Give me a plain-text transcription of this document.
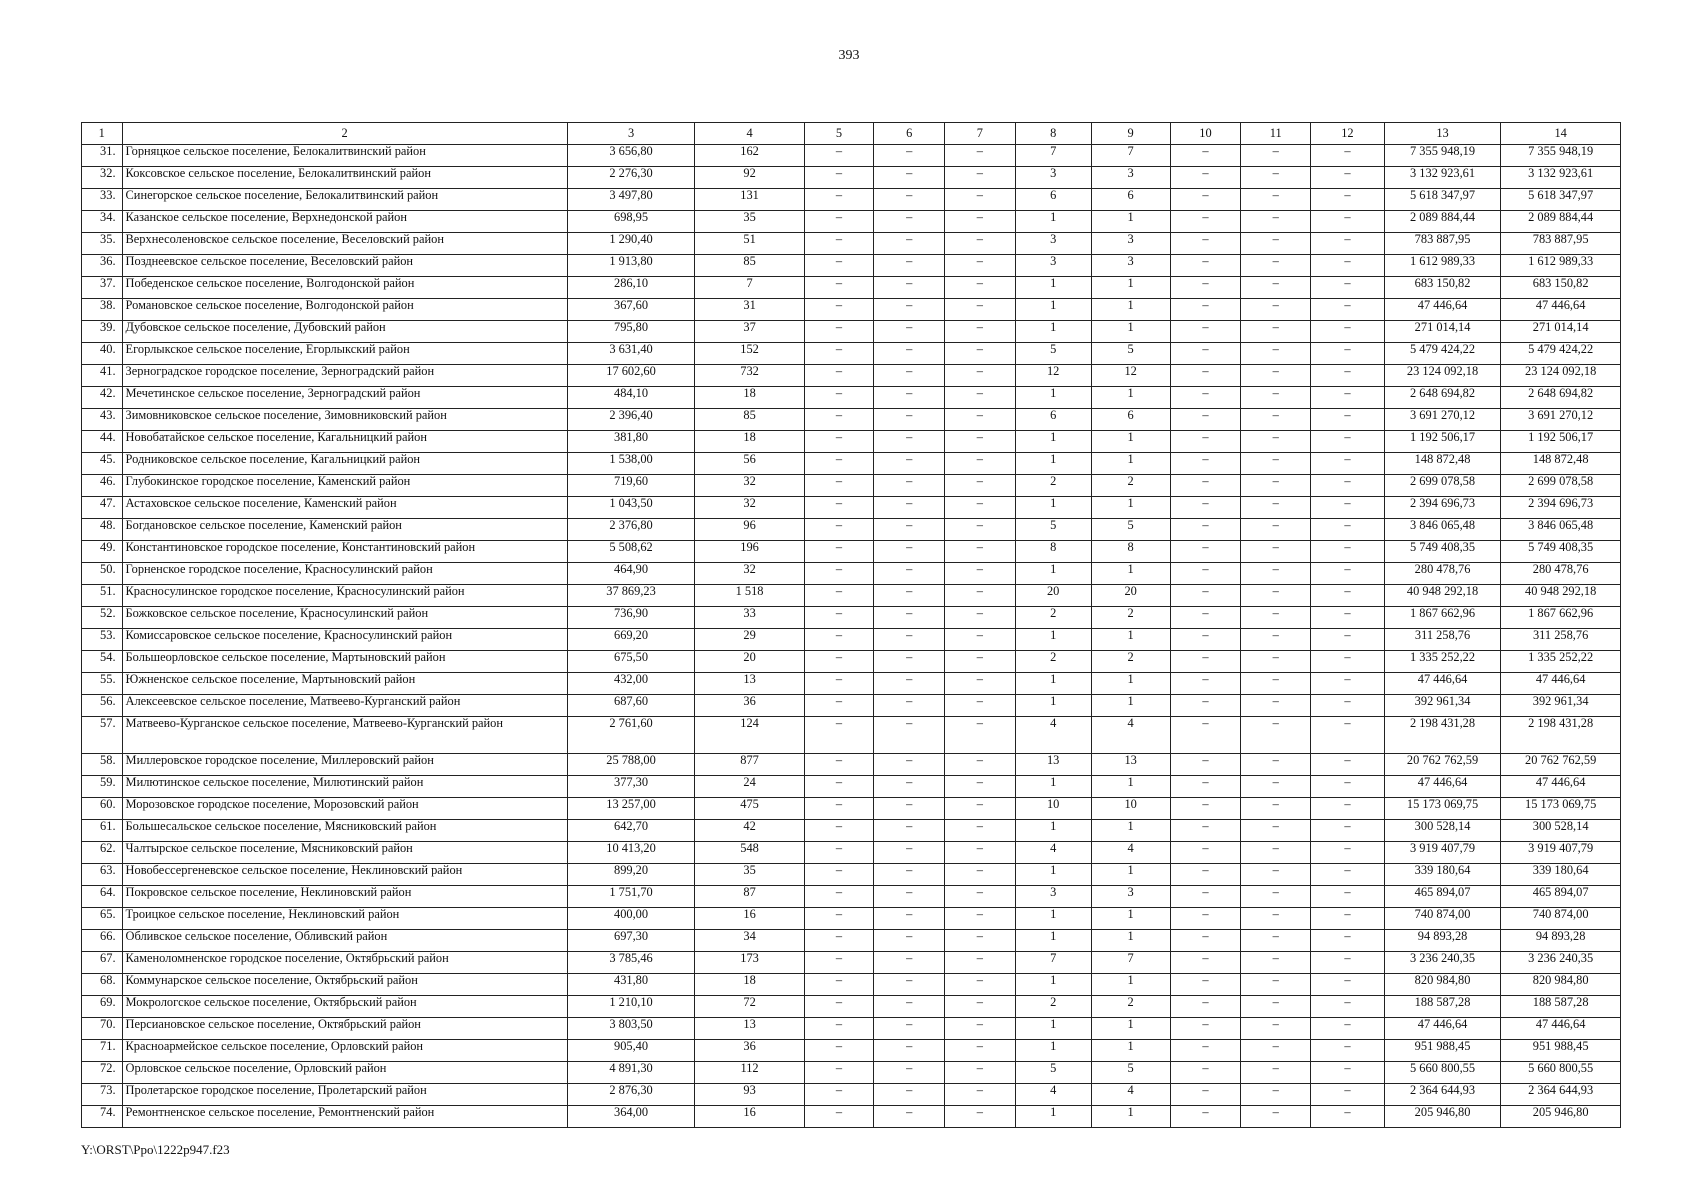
393
1	2	3	4	5	6	7	8	9	10	11	12	13	14
31.	Горняцкое сельское поселение, Белокалитвинский район	3 656,80	162	–	–	–	7	7	–	–	–	7 355 948,19	7 355 948,19
32.	Коксовское сельское поселение, Белокалитвинский район	2 276,30	92	–	–	–	3	3	–	–	–	3 132 923,61	3 132 923,61
33.	Синегорское сельское поселение, Белокалитвинский район	3 497,80	131	–	–	–	6	6	–	–	–	5 618 347,97	5 618 347,97
34.	Казанское сельское поселение, Верхнедонской район	698,95	35	–	–	–	1	1	–	–	–	2 089 884,44	2 089 884,44
35.	Верхнесоленовское сельское поселение, Веселовский район	1 290,40	51	–	–	–	3	3	–	–	–	783 887,95	783 887,95
36.	Позднеевское сельское поселение, Веселовский район	1 913,80	85	–	–	–	3	3	–	–	–	1 612 989,33	1 612 989,33
37.	Победенское сельское поселение, Волгодонской район	286,10	7	–	–	–	1	1	–	–	–	683 150,82	683 150,82
38.	Романовское сельское поселение, Волгодонской район	367,60	31	–	–	–	1	1	–	–	–	47 446,64	47 446,64
39.	Дубовское сельское поселение, Дубовский район	795,80	37	–	–	–	1	1	–	–	–	271 014,14	271 014,14
40.	Егорлыкское сельское поселение, Егорлыкский район	3 631,40	152	–	–	–	5	5	–	–	–	5 479 424,22	5 479 424,22
41.	Зерноградское городское поселение, Зерноградский район	17 602,60	732	–	–	–	12	12	–	–	–	23 124 092,18	23 124 092,18
42.	Мечетинское сельское поселение, Зерноградский район	484,10	18	–	–	–	1	1	–	–	–	2 648 694,82	2 648 694,82
43.	Зимовниковское сельское поселение, Зимовниковский район	2 396,40	85	–	–	–	6	6	–	–	–	3 691 270,12	3 691 270,12
44.	Новобатайское сельское поселение, Кагальницкий район	381,80	18	–	–	–	1	1	–	–	–	1 192 506,17	1 192 506,17
45.	Родниковское сельское поселение, Кагальницкий район	1 538,00	56	–	–	–	1	1	–	–	–	148 872,48	148 872,48
46.	Глубокинское городское поселение, Каменский район	719,60	32	–	–	–	2	2	–	–	–	2 699 078,58	2 699 078,58
47.	Астаховское сельское поселение, Каменский район	1 043,50	32	–	–	–	1	1	–	–	–	2 394 696,73	2 394 696,73
48.	Богдановское сельское поселение, Каменский район	2 376,80	96	–	–	–	5	5	–	–	–	3 846 065,48	3 846 065,48
49.	Константиновское городское поселение, Константиновский район	5 508,62	196	–	–	–	8	8	–	–	–	5 749 408,35	5 749 408,35
50.	Горненское городское поселение, Красносулинский район	464,90	32	–	–	–	1	1	–	–	–	280 478,76	280 478,76
51.	Красносулинское городское поселение, Красносулинский район	37 869,23	1 518	–	–	–	20	20	–	–	–	40 948 292,18	40 948 292,18
52.	Божковское сельское поселение, Красносулинский район	736,90	33	–	–	–	2	2	–	–	–	1 867 662,96	1 867 662,96
53.	Комиссаровское сельское поселение, Красносулинский район	669,20	29	–	–	–	1	1	–	–	–	311 258,76	311 258,76
54.	Большеорловское сельское поселение, Мартыновский район	675,50	20	–	–	–	2	2	–	–	–	1 335 252,22	1 335 252,22
55.	Южненское сельское поселение, Мартыновский район	432,00	13	–	–	–	1	1	–	–	–	47 446,64	47 446,64
56.	Алексеевское сельское поселение, Матвеево-Курганский район	687,60	36	–	–	–	1	1	–	–	–	392 961,34	392 961,34
57.	Матвеево-Курганское сельское поселение, Матвеево-Курганский район	2 761,60	124	–	–	–	4	4	–	–	–	2 198 431,28	2 198 431,28
58.	Миллеровское городское поселение, Миллеровский район	25 788,00	877	–	–	–	13	13	–	–	–	20 762 762,59	20 762 762,59
59.	Милютинское сельское поселение, Милютинский район	377,30	24	–	–	–	1	1	–	–	–	47 446,64	47 446,64
60.	Морозовское городское поселение, Морозовский район	13 257,00	475	–	–	–	10	10	–	–	–	15 173 069,75	15 173 069,75
61.	Большесальское сельское поселение, Мясниковский район	642,70	42	–	–	–	1	1	–	–	–	300 528,14	300 528,14
62.	Чалтырское сельское поселение, Мясниковский район	10 413,20	548	–	–	–	4	4	–	–	–	3 919 407,79	3 919 407,79
63.	Новобессергеневское сельское поселение, Неклиновский район	899,20	35	–	–	–	1	1	–	–	–	339 180,64	339 180,64
64.	Покровское сельское поселение, Неклиновский район	1 751,70	87	–	–	–	3	3	–	–	–	465 894,07	465 894,07
65.	Троицкое сельское поселение, Неклиновский район	400,00	16	–	–	–	1	1	–	–	–	740 874,00	740 874,00
66.	Обливское сельское поселение, Обливский район	697,30	34	–	–	–	1	1	–	–	–	94 893,28	94 893,28
67.	Каменоломненское городское поселение, Октябрьский район	3 785,46	173	–	–	–	7	7	–	–	–	3 236 240,35	3 236 240,35
68.	Коммунарское сельское поселение, Октябрьский район	431,80	18	–	–	–	1	1	–	–	–	820 984,80	820 984,80
69.	Мокрологское сельское поселение, Октябрьский район	1 210,10	72	–	–	–	2	2	–	–	–	188 587,28	188 587,28
70.	Персиановское сельское поселение, Октябрьский район	3 803,50	13	–	–	–	1	1	–	–	–	47 446,64	47 446,64
71.	Красноармейское сельское поселение, Орловский район	905,40	36	–	–	–	1	1	–	–	–	951 988,45	951 988,45
72.	Орловское сельское поселение, Орловский район	4 891,30	112	–	–	–	5	5	–	–	–	5 660 800,55	5 660 800,55
73.	Пролетарское городское поселение, Пролетарский район	2 876,30	93	–	–	–	4	4	–	–	–	2 364 644,93	2 364 644,93
74.	Ремонтненское сельское поселение, Ремонтненский район	364,00	16	–	–	–	1	1	–	–	–	205 946,80	205 946,80
Y:\ORST\Ppo\1222p947.f23
